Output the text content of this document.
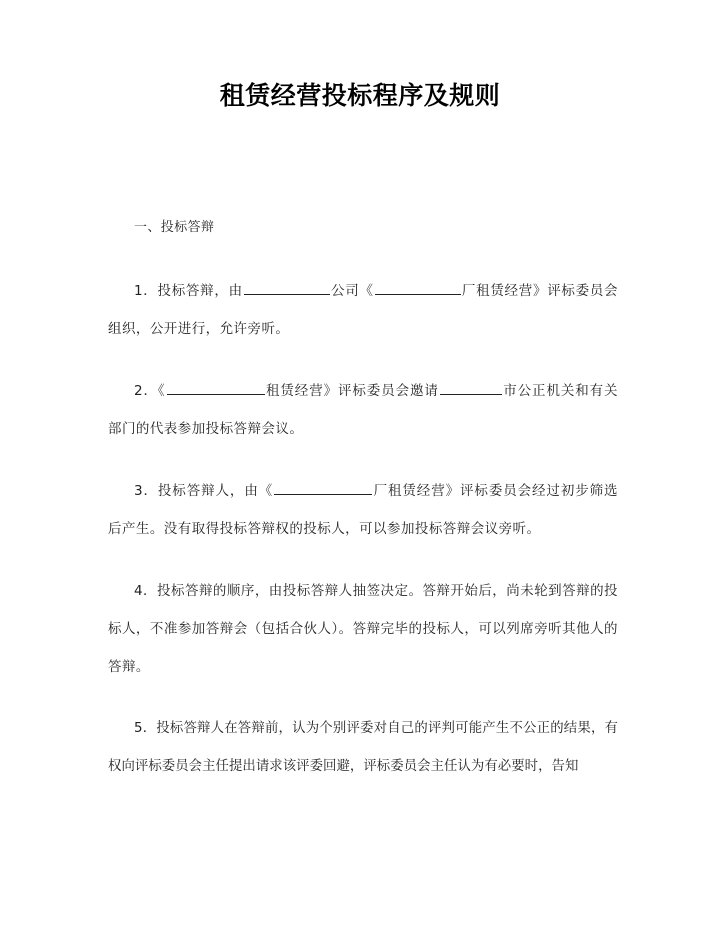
租赁经营投标程序及规则
一、投标答辩

1．投标答辩，由	公司《	厂租赁经营》评标委员会组织，公开进行，允许旁听。

2．《	租赁经营》评标委员会邀请	市公正机关和有关部门的代表参加投标答辩会议。

3．投标答辩人，由《	厂租赁经营》评标委员会经过初步筛选后产生。没有取得投标答辩权的投标人，可以参加投标答辩会议旁听。

4．投标答辩的顺序，由投标答辩人抽签决定。答辩开始后，尚未轮到答辩的投标人，不准参加答辩会（包括合伙人）。答辩完毕的投标人，可以列席旁听其他人的答辩。

5．投标答辩人在答辩前，认为个别评委对自己的评判可能产生不公正的结果，有权向评标委员会主任提出请求该评委回避，评标委员会主任认为有必要时，告知
